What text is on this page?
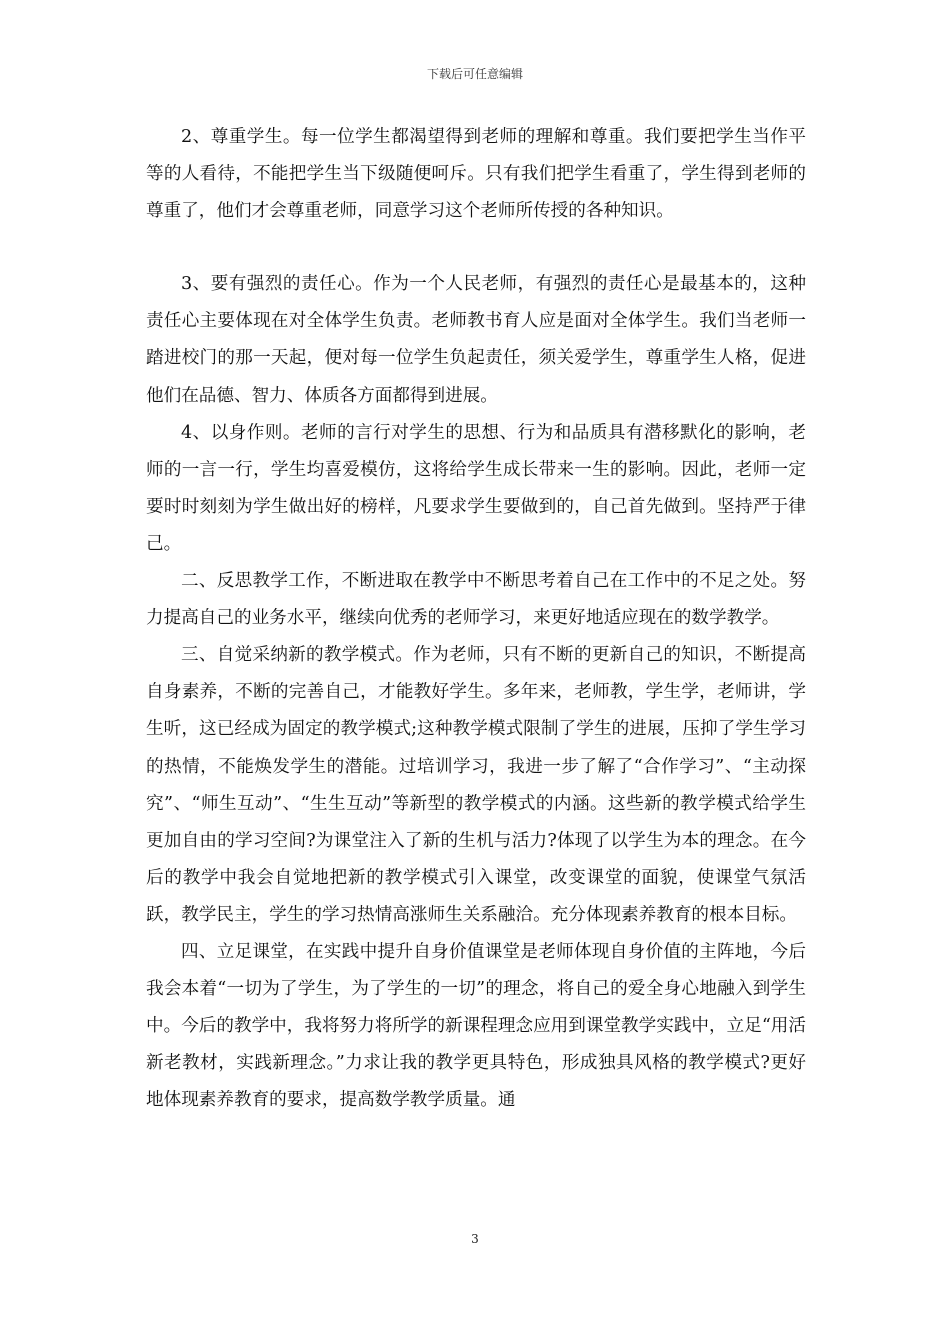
下载后可任意编辑

2、尊重学生。每一位学生都渴望得到老师的理解和尊重。我们要把学生当作平等的人看待，不能把学生当下级随便呵斥。只有我们把学生看重了，学生得到老师的尊重了，他们才会尊重老师，同意学习这个老师所传授的各种知识。

3、要有强烈的责任心。作为一个人民老师，有强烈的责任心是最基本的，这种责任心主要体现在对全体学生负责。老师教书育人应是面对全体学生。我们当老师一踏进校门的那一天起，便对每一位学生负起责任，须关爱学生，尊重学生人格，促进他们在品德、智力、体质各方面都得到进展。

4、以身作则。老师的言行对学生的思想、行为和品质具有潜移默化的影响，老师的一言一行，学生均喜爱模仿，这将给学生成长带来一生的影响。因此，老师一定要时时刻刻为学生做出好的榜样，凡要求学生要做到的，自己首先做到。坚持严于律己。

二、反思教学工作，不断进取在教学中不断思考着自己在工作中的不足之处。努力提高自己的业务水平，继续向优秀的老师学习，来更好地适应现在的数学教学。

三、自觉采纳新的教学模式。作为老师，只有不断的更新自己的知识，不断提高自身素养，不断的完善自己，才能教好学生。多年来，老师教，学生学，老师讲，学生听，这已经成为固定的教学模式;这种教学模式限制了学生的进展，压抑了学生学习的热情，不能焕发学生的潜能。过培训学习，我进一步了解了“合作学习”、“主动探究”、“师生互动”、“生生互动”等新型的教学模式的内涵。这些新的教学模式给学生更加自由的学习空间?为课堂注入了新的生机与活力?体现了以学生为本的理念。在今后的教学中我会自觉地把新的教学模式引入课堂，改变课堂的面貌，使课堂气氛活跃，教学民主，学生的学习热情高涨师生关系融洽。充分体现素养教育的根本目标。

四、立足课堂，在实践中提升自身价值课堂是老师体现自身价值的主阵地，今后我会本着“一切为了学生，为了学生的一切”的理念，将自己的爱全身心地融入到学生中。今后的教学中，我将努力将所学的新课程理念应用到课堂教学实践中，立足“用活新老教材，实践新理念。”力求让我的教学更具特色，形成独具风格的教学模式?更好地体现素养教育的要求，提高数学教学质量。通

3
